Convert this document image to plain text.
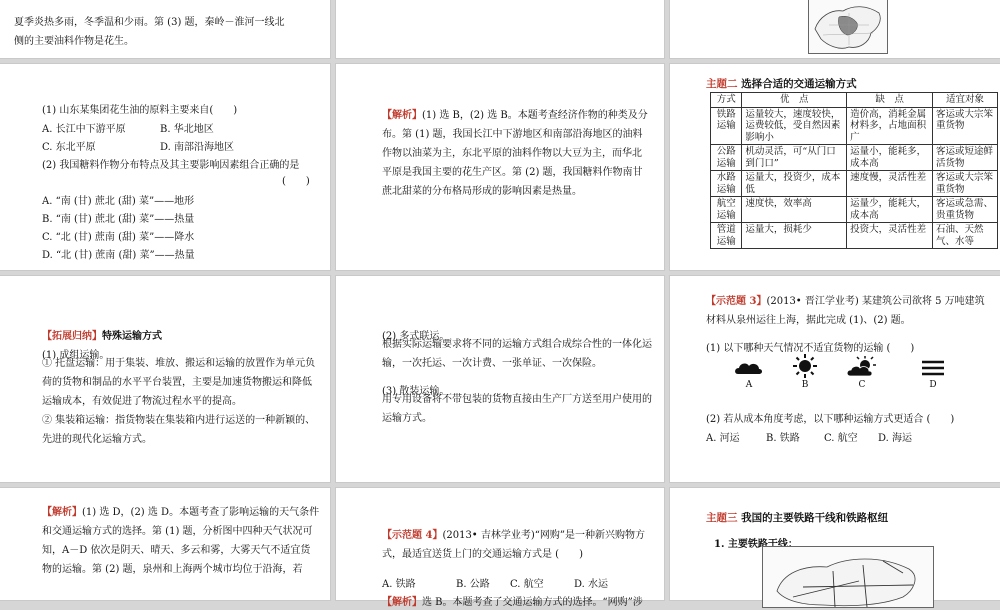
夏季炎热多雨，冬季温和少雨。第 (3) 题，秦岭－淮河一线北

侧的主要油料作物是花生。

(1) 山东某集团花生油的原料主要来自(　　)

A. 长江中下游平原	B. 华北地区

C. 东北平原	D. 南部沿海地区

(2) 我国糖料作物分布特点及其主要影响因素组合正确的是

(　　)

A. “南 (甘) 蔗北 (甜) 菜”——地形

B. “南 (甘) 蔗北 (甜) 菜”——热量

C. “北 (甘) 蔗南 (甜) 菜”——降水

D. “北 (甘) 蔗南 (甜) 菜”——热量

【解析】(1) 选 B，(2) 选 B。本题考查经济作物的种类及分布。第 (1) 题，我国长江中下游地区和南部沿海地区的油料作物以油菜为主，东北平原的油料作物以大豆为主，而华北平原是我国主要的花生产区。第 (2) 题，我国糖料作物南甘蔗北甜菜的分布格局形成的影响因素是热量。

主题二 选择合适的交通运输方式
方式	优　点	缺　点	适宜对象
铁路运输	运量较大，速度较快，运费较低，受自然因素影响小	造价高，消耗金属材料多，占地面积广	客运或大宗笨重货物
公路运输	机动灵活，可“从门口到门口”	运量小，能耗多，成本高	客运或短途鲜活货物
水路运输	运量大，投资少，成本低	速度慢，灵活性差	客运或大宗笨重货物
航空运输	速度快，效率高	运量少，能耗大，成本高	客运或急需、贵重货物
管道运输	运量大，损耗少	投资大，灵活性差	石油、天然气、水等

【拓展归纳】特殊运输方式

(1) 成组运输。

① 托盘运输：用于集装、堆放、搬运和运输的放置作为单元负荷的货物和制品的水平平台装置，主要是加速货物搬运和降低运输成本，有效促进了物流过程水平的提高。

② 集装箱运输：指货物装在集装箱内进行运送的一种新颖的、先进的现代化运输方式。

(2) 多式联运。

根据实际运输要求将不同的运输方式组合成综合性的一体化运输，一次托运、一次计费、一张单证、一次保险。

(3) 散装运输。

用专用设备将不带包装的货物直接由生产厂方送至用户使用的运输方式。

【示范题 3】(2013• 晋江学业考) 某建筑公司欲将 5 万吨建筑材料从泉州运往上海，据此完成 (1)、(2) 题。

(1) 以下哪种天气情况不适宜货物的运输 (　　)

A	B	C	D

(2) 若从成本角度考虑，以下哪种运输方式更适合 (　　)

A. 河运	B. 铁路 C. 航空 D. 海运

【解析】(1) 选 D，(2) 选 D。本题考查了影响运输的天气条件和交通运输方式的选择。第 (1) 题，分析图中四种天气状况可知，A－D 依次是阴天、晴天、多云和雾，大雾天气不适宜货物的运输。第 (2) 题，泉州和上海两个城市均位于沿海，若

【示范题 4】(2013• 吉林学业考)“网购”是一种新兴购物方式，最适宜送货上门的交通运输方式是 (　　)

A. 铁路	B. 公路 C. 航空	D. 水运

【解析】选 B。本题考查了交通运输方式的选择。“网购”涉

主题三 我国的主要铁路干线和铁路枢纽

1. 主要铁路干线：
